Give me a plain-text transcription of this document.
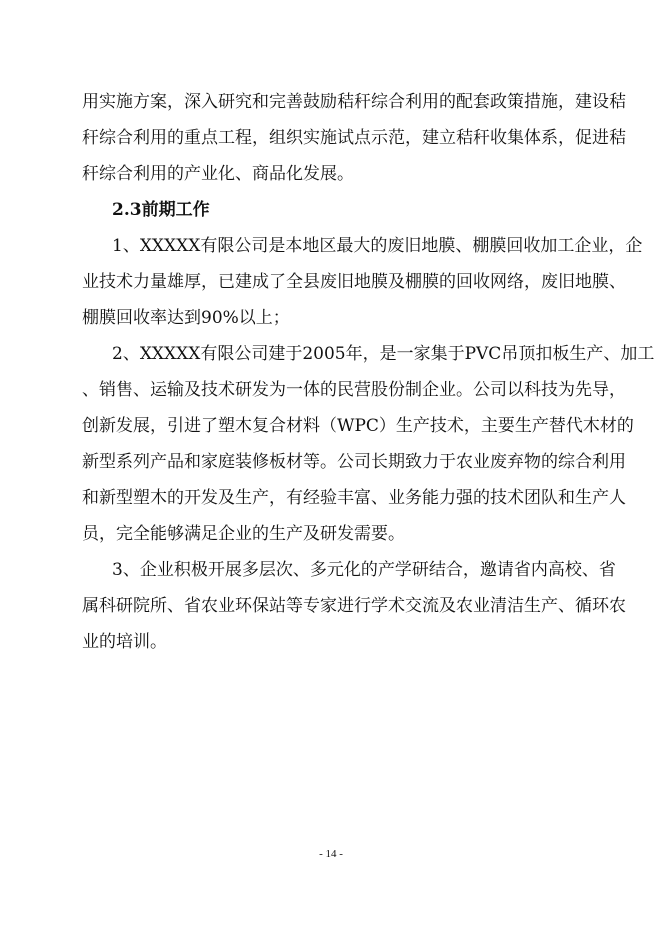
用实施方案，深入研究和完善鼓励秸秆综合利用的配套政策措施，建设秸
秆综合利用的重点工程，组织实施试点示范，建立秸秆收集体系，促进秸
秆综合利用的产业化、商品化发展。
2.3前期工作
1、XXXXX有限公司是本地区最大的废旧地膜、棚膜回收加工企业，企
业技术力量雄厚，已建成了全县废旧地膜及棚膜的回收网络，废旧地膜、
棚膜回收率达到90%以上；
2、XXXXX有限公司建于2005年，是一家集于PVC吊顶扣板生产、加工
、销售、运输及技术研发为一体的民营股份制企业。公司以科技为先导，
创新发展，引进了塑木复合材料（WPC）生产技术，主要生产替代木材的
新型系列产品和家庭装修板材等。公司长期致力于农业废弃物的综合利用
和新型塑木的开发及生产，有经验丰富、业务能力强的技术团队和生产人
员，完全能够满足企业的生产及研发需要。
3、企业积极开展多层次、多元化的产学研结合，邀请省内高校、省
属科研院所、省农业环保站等专家进行学术交流及农业清洁生产、循环农
业的培训。
- 14 -
